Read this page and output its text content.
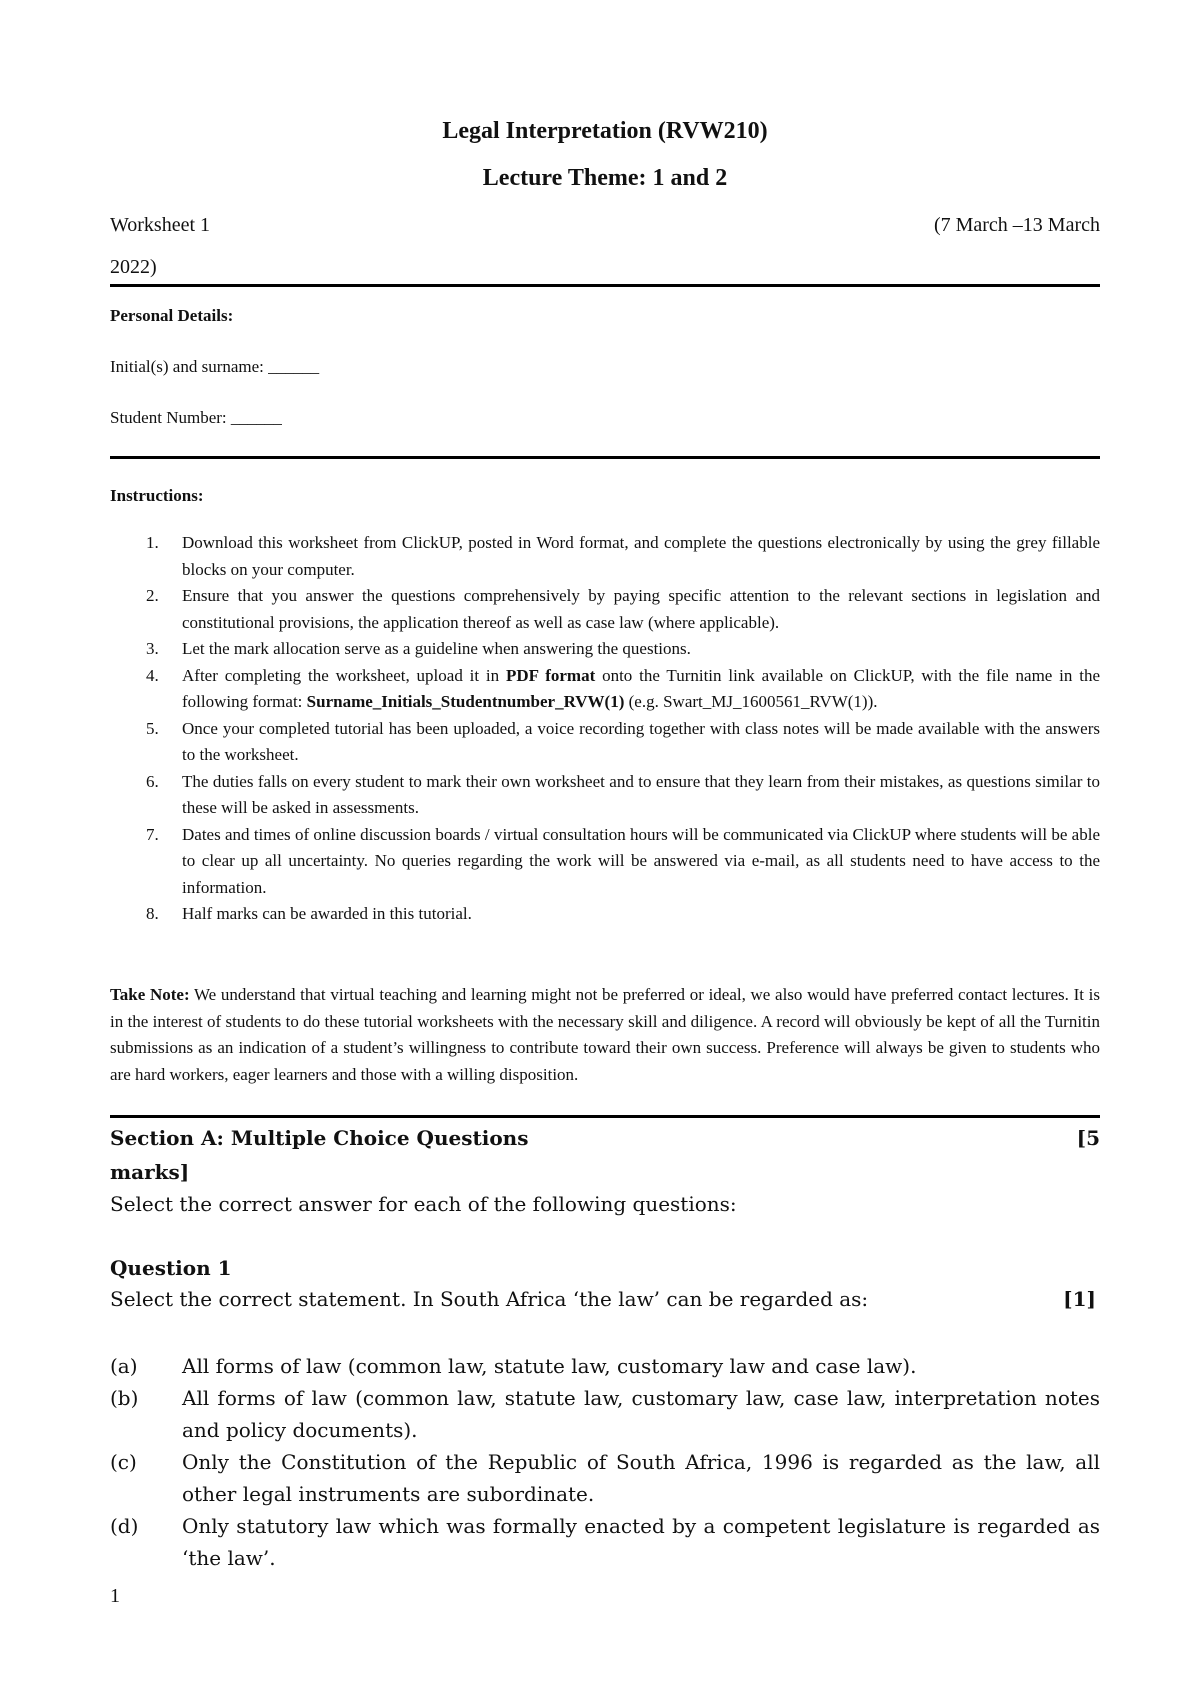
Legal Interpretation (RVW210)
Lecture Theme: 1 and 2
Worksheet 1	(7 March –13 March
2022)
Personal Details:
Initial(s) and surname: ______
Student Number: ______
Instructions:
1. Download this worksheet from ClickUP, posted in Word format, and complete the questions electronically by using the grey fillable blocks on your computer.
2. Ensure that you answer the questions comprehensively by paying specific attention to the relevant sections in legislation and constitutional provisions, the application thereof as well as case law (where applicable).
3. Let the mark allocation serve as a guideline when answering the questions.
4. After completing the worksheet, upload it in PDF format onto the Turnitin link available on ClickUP, with the file name in the following format: Surname_Initials_Studentnumber_RVW(1) (e.g. Swart_MJ_1600561_RVW(1)).
5. Once your completed tutorial has been uploaded, a voice recording together with class notes will be made available with the answers to the worksheet.
6. The duties falls on every student to mark their own worksheet and to ensure that they learn from their mistakes, as questions similar to these will be asked in assessments.
7. Dates and times of online discussion boards / virtual consultation hours will be communicated via ClickUP where students will be able to clear up all uncertainty. No queries regarding the work will be answered via e-mail, as all students need to have access to the information.
8. Half marks can be awarded in this tutorial.
Take Note: We understand that virtual teaching and learning might not be preferred or ideal, we also would have preferred contact lectures. It is in the interest of students to do these tutorial worksheets with the necessary skill and diligence. A record will obviously be kept of all the Turnitin submissions as an indication of a student’s willingness to contribute toward their own success. Preference will always be given to students who are hard workers, eager learners and those with a willing disposition.
Section A: Multiple Choice Questions	[5
marks]
Select the correct answer for each of the following questions:
Question 1
Select the correct statement. In South Africa ‘the law’ can be regarded as:	[1]
(a) All forms of law (common law, statute law, customary law and case law).
(b) All forms of law (common law, statute law, customary law, case law, interpretation notes and policy documents).
(c) Only the Constitution of the Republic of South Africa, 1996 is regarded as the law, all other legal instruments are subordinate.
(d) Only statutory law which was formally enacted by a competent legislature is regarded as ‘the law’.
1
